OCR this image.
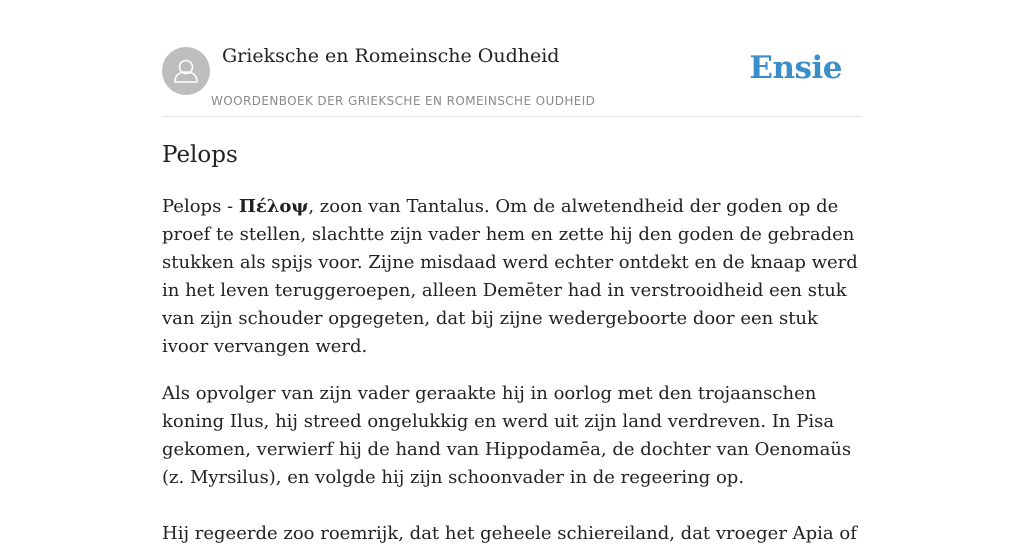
Grieksche en Romeinsche Oudheid
WOORDENBOEK DER GRIEKSCHE EN ROMEINSCHE OUDHEID
Ensie
Pelops

Pelops - Πέλοψ, zoon van Tantalus. Om de alwetendheid der goden op de proef te stellen, slachtte zijn vader hem en zette hij den goden de gebraden stukken als spijs voor. Zijne misdaad werd echter ontdekt en de knaap werd in het leven teruggeroepen, alleen Demēter had in verstrooidheid een stuk van zijn schouder opgegeten, dat bij zijne wedergeboorte door een stuk ivoor vervangen werd.

Als opvolger van zijn vader geraakte hij in oorlog met den trojaanschen koning Ilus, hij streed ongelukkig en werd uit zijn land verdreven. In Pisa gekomen, verwierf hij de hand van Hippodamēa, de dochter van Oenomaüs (z. Myrsilus), en volgde hij zijn schoonvader in de regeering op.

Hij regeerde zoo roemrijk, dat het geheele schiereiland, dat vroeger Apia of
